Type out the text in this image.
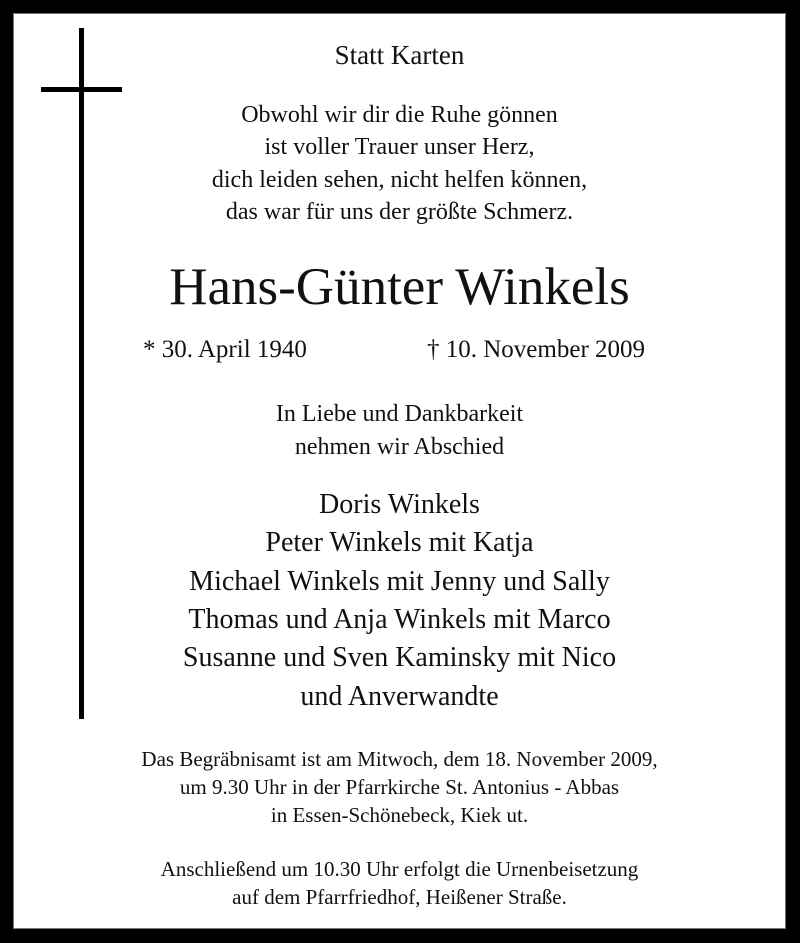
Statt Karten
Obwohl wir dir die Ruhe gönnen
ist voller Trauer unser Herz,
dich leiden sehen, nicht helfen können,
das war für uns der größte Schmerz.
Hans-Günter Winkels
* 30. April 1940	† 10. November 2009
In Liebe und Dankbarkeit
nehmen wir Abschied
Doris Winkels
Peter Winkels mit Katja
Michael Winkels mit Jenny und Sally
Thomas und Anja Winkels mit Marco
Susanne und Sven Kaminsky mit Nico
und Anverwandte
Das Begräbnisamt ist am Mitwoch, dem 18. November 2009,
um 9.30 Uhr in der Pfarrkirche St. Antonius - Abbas
in Essen-Schönebeck, Kiek ut.
Anschließend um 10.30 Uhr erfolgt die Urnenbeisetzung
auf dem Pfarrfriedhof, Heißener Straße.
